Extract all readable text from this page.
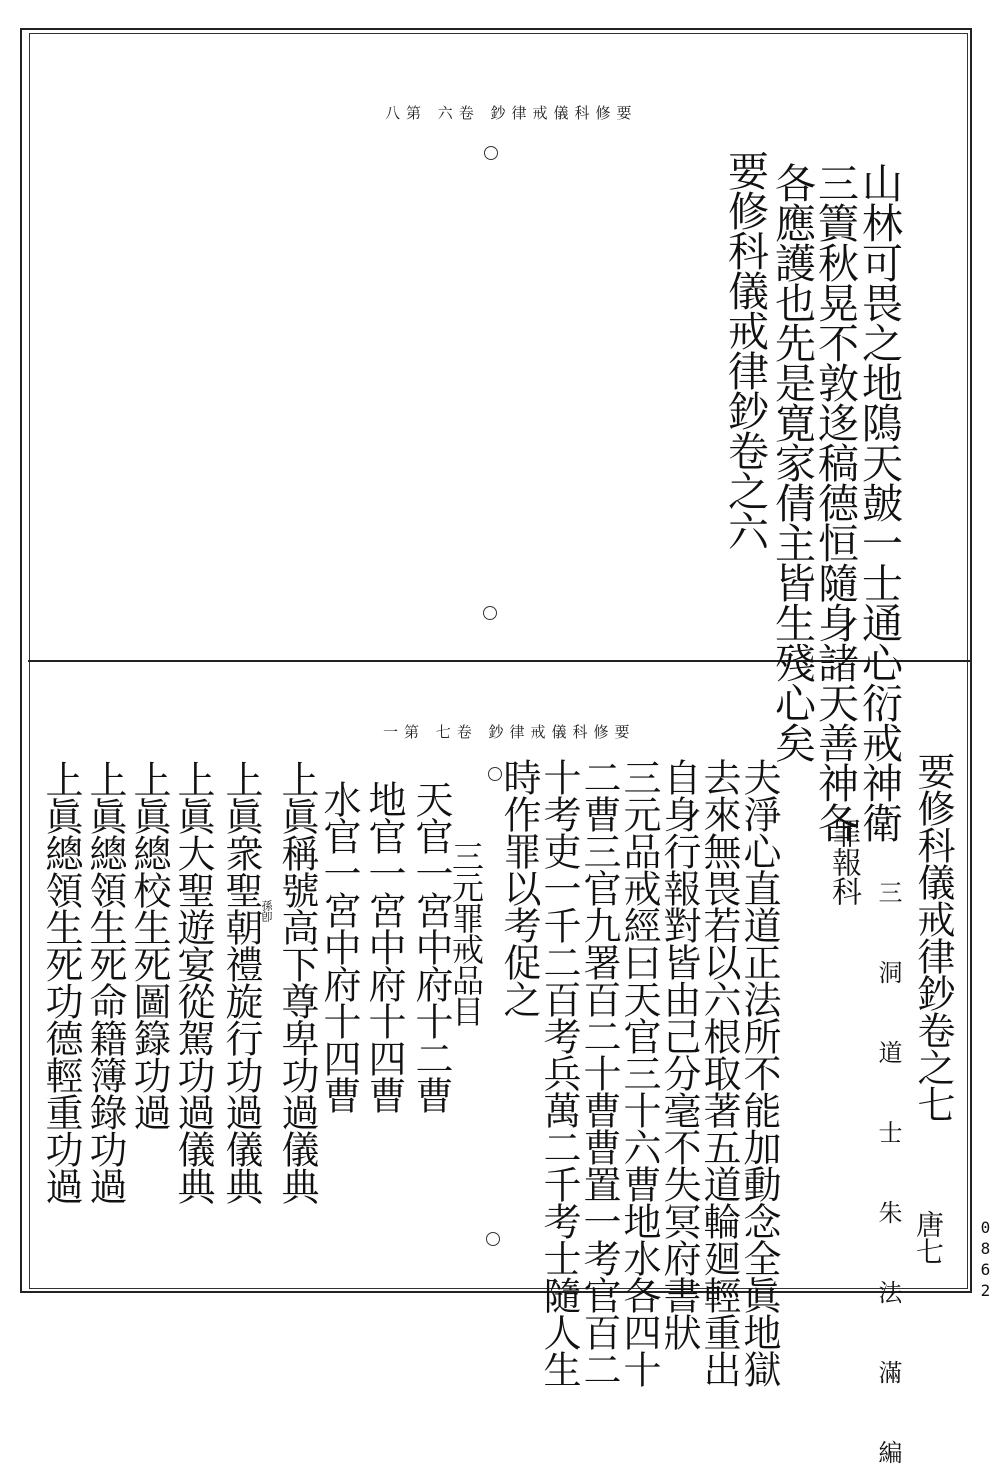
八第 六卷 鈔律戒儀科修要
山林可畏之地隝天皷一士通心衍戒神衛
三簀秋晃不敦迻稿德恒隨身諸天善神各
各應護也先是寛家倩主皆生殘心矣
要修科儀戒律鈔卷之六
一第 七卷 鈔律戒儀科修要
要修科儀戒律鈔卷之七
三 洞 道 士 朱 法 滿 編 唐七
罪報科
夫淨心直道正法所不能加動念全眞地獄
去來無畏若以六根取著五道輪廻輕重出
自身行報對皆由己分毫不失冥府書狀
三元品戒經曰天官三十六曹地水各四十
二曹三官九署百二十曹曹置一考官百二
十考吏一千二百考兵萬二千考士隨人生
時作罪以考促之
三元罪戒品目
天官一宮中府十二曹
地官一宮中府十四曹
水官一宮中府十四曹
上眞稱號高下尊卑功過儀典
孫卽
上眞衆聖朝禮旋行功過儀典
上眞大聖遊宴從駕功過儀典
上眞總校生死圖籙功過
上眞總領生死命籍簿錄功過
上眞總領生死功德輕重功過
0862
